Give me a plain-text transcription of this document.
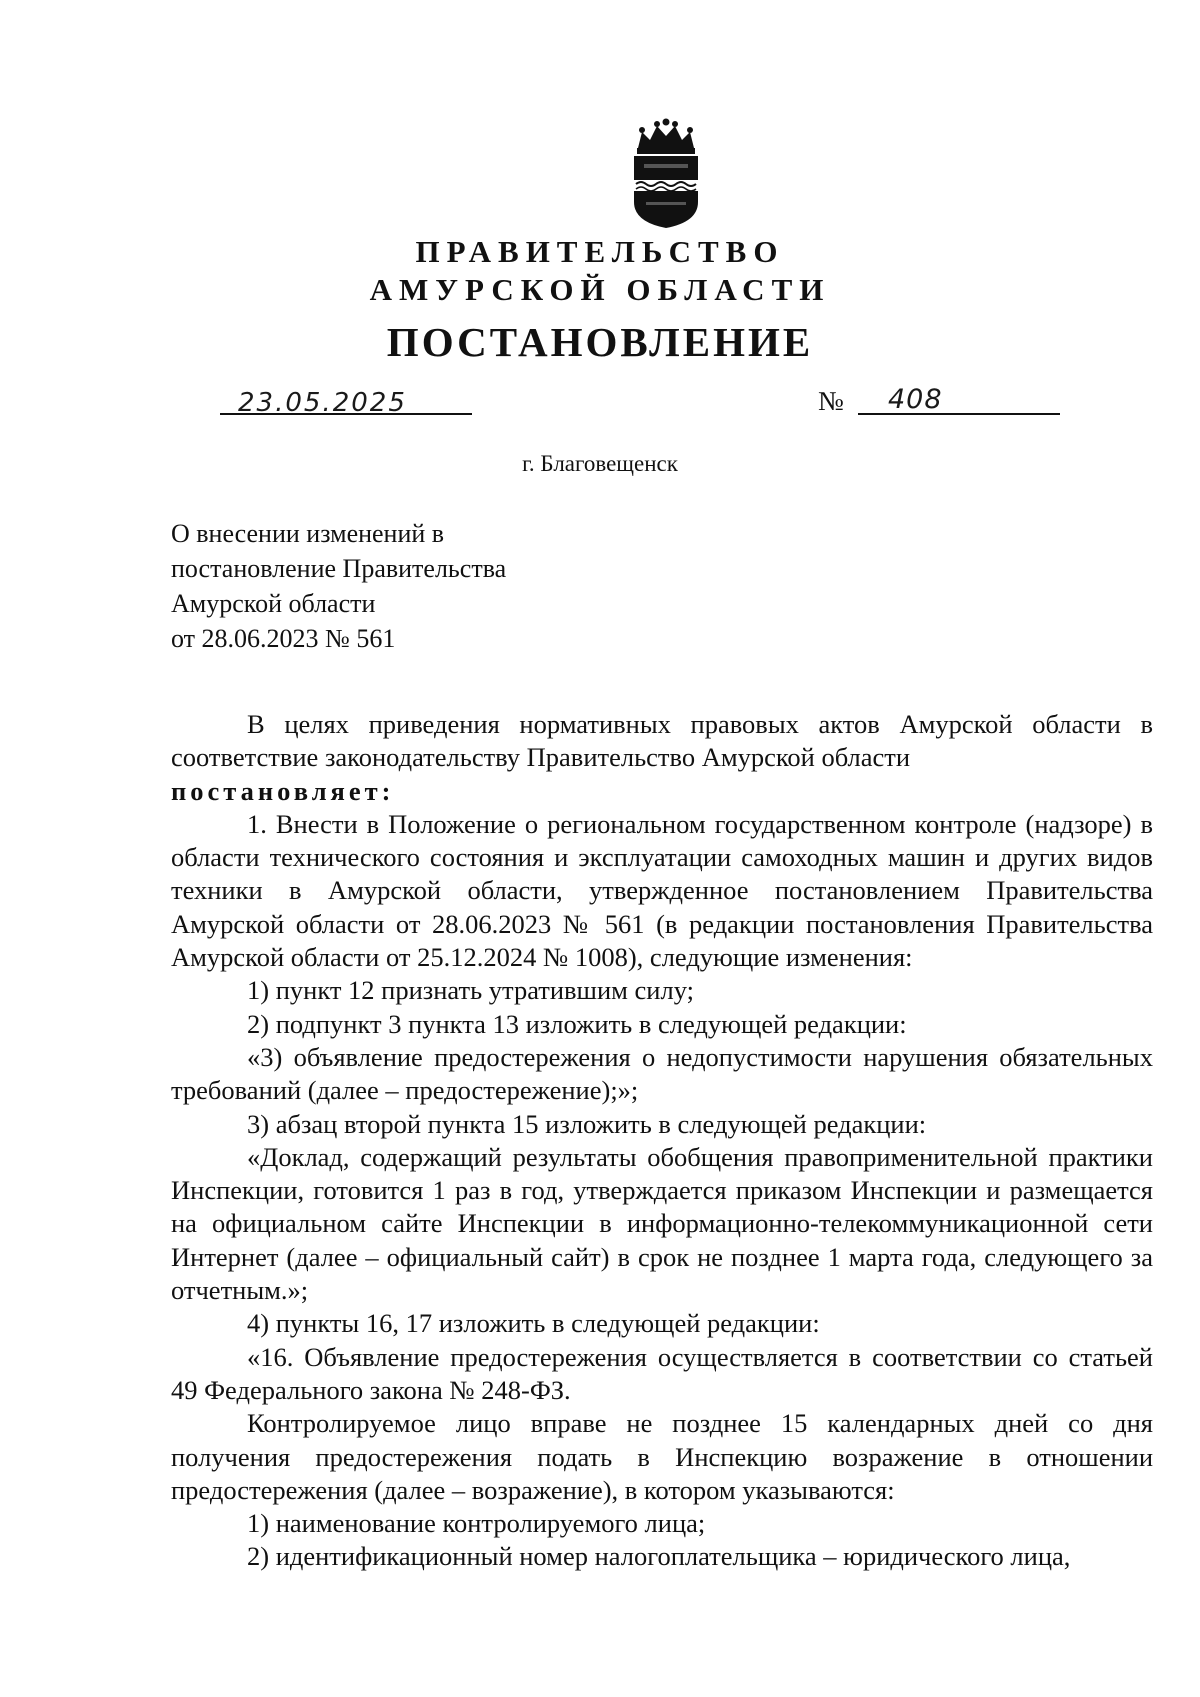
ПРАВИТЕЛЬСТВО
АМУРСКОЙ ОБЛАСТИ
ПОСТАНОВЛЕНИЕ
23.05.2025	№ 408
г. Благовещенск
О внесении изменений в
постановление Правительства
Амурской области
от 28.06.2023 № 561

В целях приведения нормативных правовых актов Амурской области в соответствие законодательству Правительство Амурской области

постановляет:

1. Внести в Положение о региональном государственном контроле (надзоре) в области технического состояния и эксплуатации самоходных машин и других видов техники в Амурской области, утвержденное постановлением Правительства Амурской области от 28.06.2023 № 561 (в редакции постановления Правительства Амурской области от 25.12.2024 № 1008), следующие изменения:

1) пункт 12 признать утратившим силу;

2) подпункт 3 пункта 13 изложить в следующей редакции:

«3) объявление предостережения о недопустимости нарушения обязательных требований (далее – предостережение);»;

3) абзац второй пункта 15 изложить в следующей редакции:

«Доклад, содержащий результаты обобщения правоприменительной практики Инспекции, готовится 1 раз в год, утверждается приказом Инспекции и размещается на официальном сайте Инспекции в информационно-телекоммуникационной сети Интернет (далее – официальный сайт) в срок не позднее 1 марта года, следующего за отчетным.»;

4) пункты 16, 17 изложить в следующей редакции:

«16. Объявление предостережения осуществляется в соответствии со статьей 49 Федерального закона № 248-ФЗ.

Контролируемое лицо вправе не позднее 15 календарных дней со дня получения предостережения подать в Инспекцию возражение в отношении предостережения (далее – возражение), в котором указываются:

1) наименование контролируемого лица;

2) идентификационный номер налогоплательщика – юридического лица,
